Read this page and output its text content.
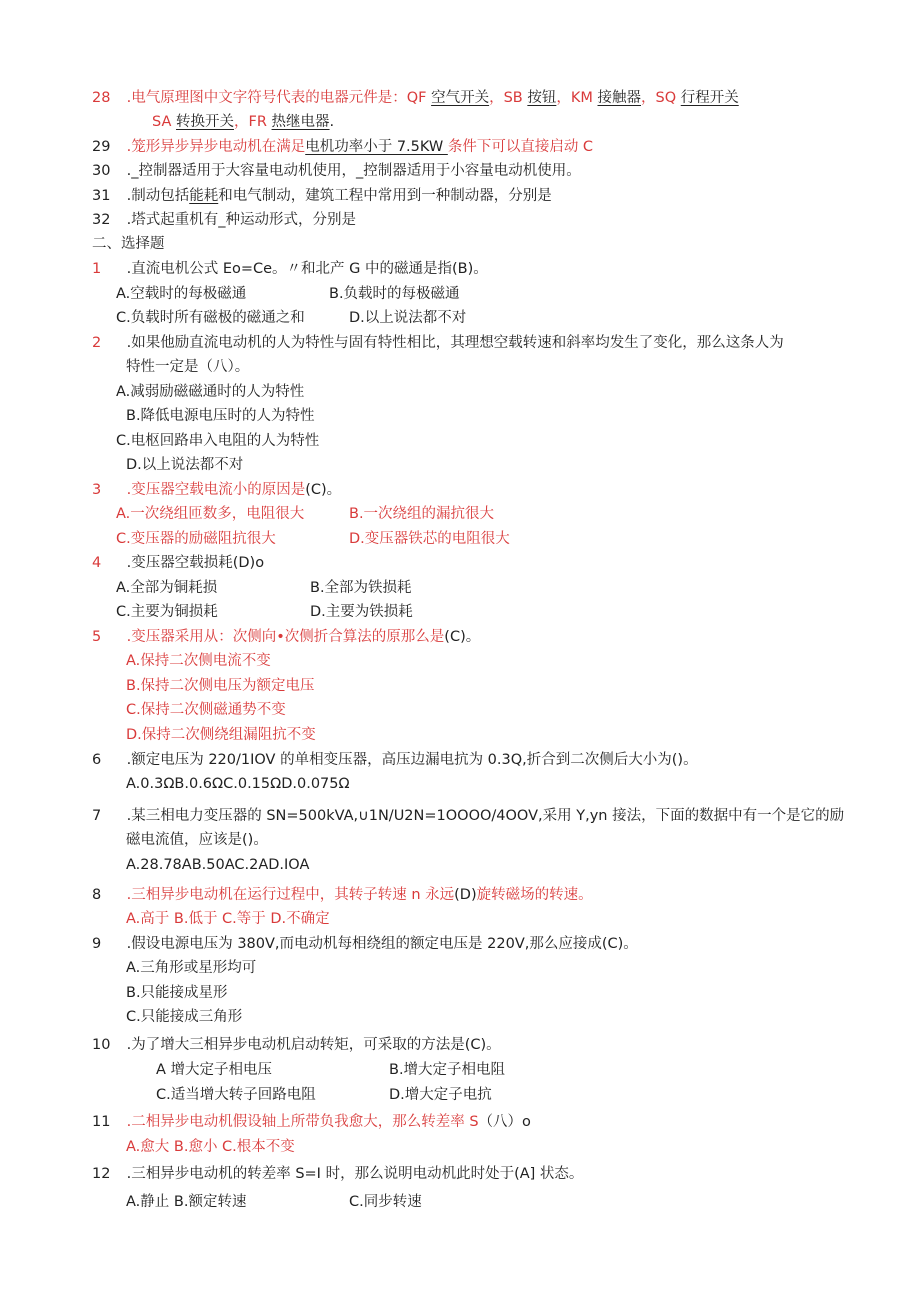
28 .电气原理图中文字符号代表的电器元件是：QF 空气开关，SB 按钮，KM 接触器，SQ 行程开关
SA 转换开关，FR 热继电器.
29 .笼形异步异步电动机在满足电机功率小于 7.5KW 条件下可以直接启动 C
30 ._控制器适用于大容量电动机使用，_控制器适用于小容量电动机使用。
31 .制动包括能耗和电气制动，建筑工程中常用到一种制动器，分别是
32 .塔式起重机有_种运动形式，分别是
二、选择题
1 .直流电机公式 Eo=Ce。〃和北产 G 中的磁通是指(B)。
A.空载时的每极磁通	B.负载时的每极磁通
C.负载时所有磁极的磁通之和	D.以上说法都不对
2 .如果他励直流电动机的人为特性与固有特性相比，其理想空载转速和斜率均发生了变化，那么这条人为
特性一定是（八）。
A.减弱励磁磁通时的人为特性
B.降低电源电压时的人为特性
C.电枢回路串入电阻的人为特性
D.以上说法都不对
3 .变压器空载电流小的原因是(C)。
A.一次绕组匝数多，电阻很大	B.一次绕组的漏抗很大
C.变压器的励磁阻抗很大	D.变压器铁芯的电阻很大
4 .变压器空载损耗(D)o
A.全部为铜耗损	B.全部为铁损耗
C.主要为铜损耗	D.主要为铁损耗
5 .变压器采用从：次侧向•次侧折合算法的原那么是(C)。
A.保持二次侧电流不变
B.保持二次侧电压为额定电压
C.保持二次侧磁通势不变
D.保持二次侧绕组漏阻抗不变
6 .额定电压为 220/1IOV 的单相变压器，高压边漏电抗为 0.3Q,折合到二次侧后大小为()。
A.0.3ΩB.0.6ΩC.0.15ΩD.0.075Ω
7 .某三相电力变压器的 SN=500kVA,∪1N∕U2N=1OOOO∕4OOV,采用 Y,yn 接法，下面的数据中有一个是它的励
磁电流值，应该是()。
A.28.78AB.50AC.2AD.IOA
8 .三相异步电动机在运行过程中，其转子转速 n 永远(D)旋转磁场的转速。
A.高于 B.低于 C.等于 D.不确定
9 .假设电源电压为 380V,而电动机每相绕组的额定电压是 220V,那么应接成(C)。
A.三角形或星形均可
B.只能接成星形
C.只能接成三角形
10 .为了增大三相异步电动机启动转矩，可采取的方法是(C)。
A 增大定子相电压	B.增大定子相电阻
C.适当增大转子回路电阻	D.增大定子电抗
11 .二相异步电动机假设轴上所带负我愈大，那么转差率 S（八）o
A.愈大 B.愈小 C.根本不变
12 .三相异步电动机的转差率 S=I 时，那么说明电动机此时处于(A] 状态。
A.静止 B.额定转速	C.同步转速
